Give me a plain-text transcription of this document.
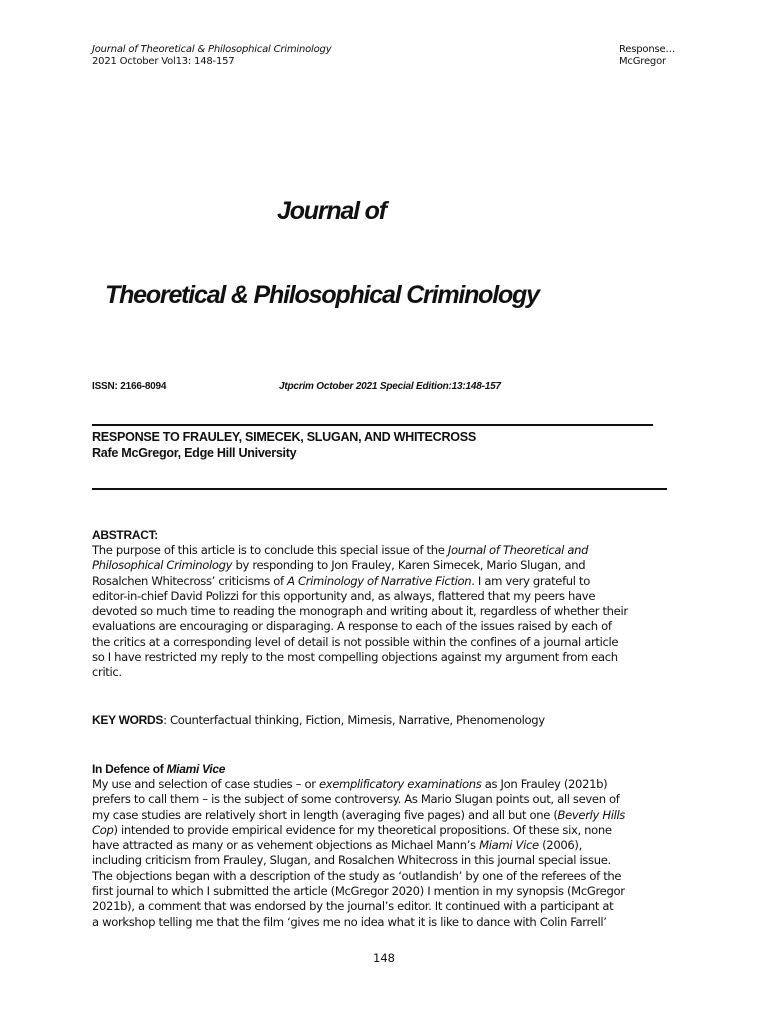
Journal of Theoretical & Philosophical Criminology
2021 October Vol13: 148-157
Response…
McGregor
Journal of
Theoretical & Philosophical Criminology
ISSN: 2166-8094	Jtpcrim October 2021 Special Edition:13:148-157
RESPONSE TO FRAULEY, SIMECEK, SLUGAN, AND WHITECROSS
Rafe McGregor, Edge Hill University
ABSTRACT:
The purpose of this article is to conclude this special issue of the Journal of Theoretical and
Philosophical Criminology by responding to Jon Frauley, Karen Simecek, Mario Slugan, and
Rosalchen Whitecross’ criticisms of A Criminology of Narrative Fiction. I am very grateful to
editor-in-chief David Polizzi for this opportunity and, as always, flattered that my peers have
devoted so much time to reading the monograph and writing about it, regardless of whether their
evaluations are encouraging or disparaging. A response to each of the issues raised by each of
the critics at a corresponding level of detail is not possible within the confines of a journal article
so I have restricted my reply to the most compelling objections against my argument from each
critic.
KEY WORDS: Counterfactual thinking, Fiction, Mimesis, Narrative, Phenomenology
In Defence of Miami Vice
My use and selection of case studies – or exemplificatory examinations as Jon Frauley (2021b)
prefers to call them – is the subject of some controversy. As Mario Slugan points out, all seven of
my case studies are relatively short in length (averaging five pages) and all but one (Beverly Hills
Cop) intended to provide empirical evidence for my theoretical propositions. Of these six, none
have attracted as many or as vehement objections as Michael Mann’s Miami Vice (2006),
including criticism from Frauley, Slugan, and Rosalchen Whitecross in this journal special issue.
The objections began with a description of the study as ‘outlandish’ by one of the referees of the
first journal to which I submitted the article (McGregor 2020) I mention in my synopsis (McGregor
2021b), a comment that was endorsed by the journal’s editor. It continued with a participant at
a workshop telling me that the film ‘gives me no idea what it is like to dance with Colin Farrell’
148
